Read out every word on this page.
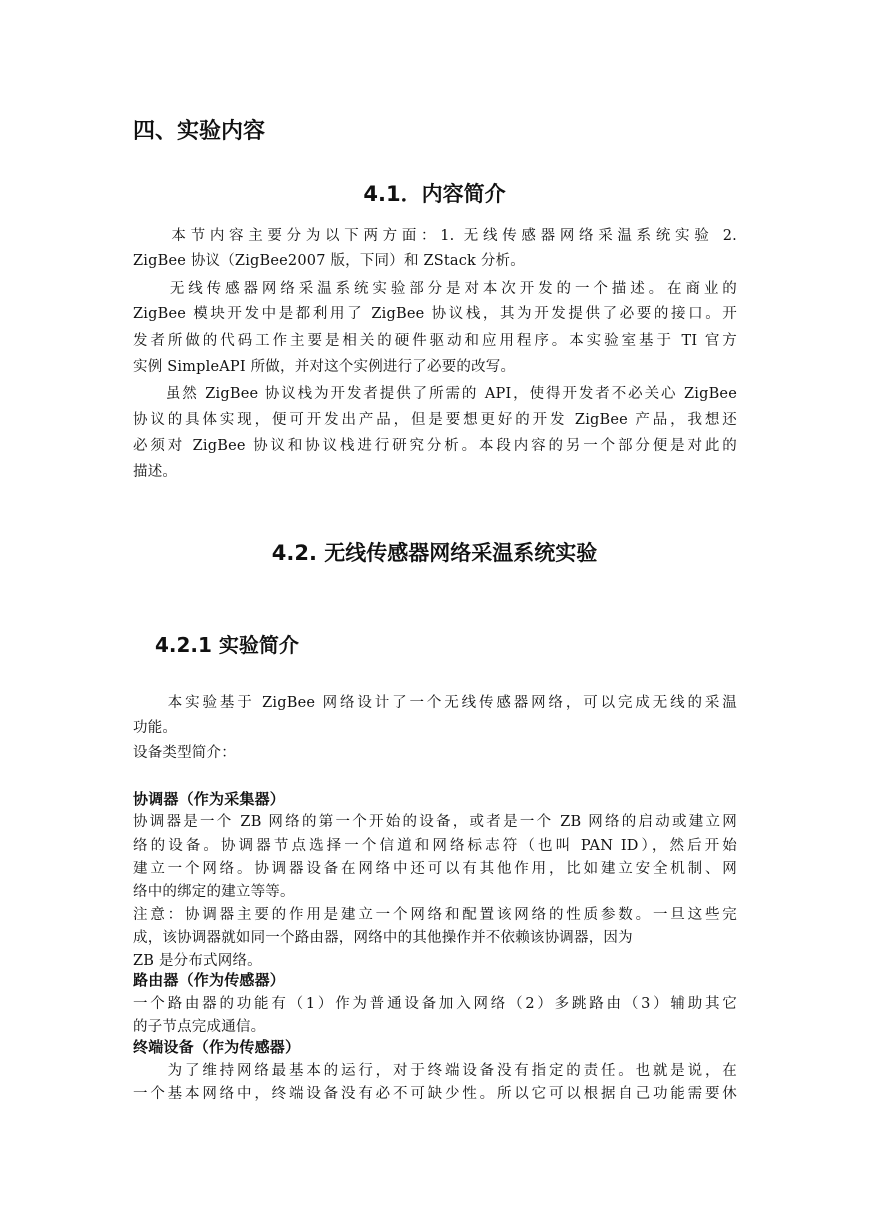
四、实验内容
4.1．内容简介
　　本节内容主要分为以下两方面：1. 无线传感器网络采温系统实验 2.
ZigBee 协议（ZigBee2007 版，下同）和 ZStack 分析。
　　无线传感器网络采温系统实验部分是对本次开发的一个描述。在商业的
ZigBee 模块开发中是都利用了 ZigBee 协议栈，其为开发提供了必要的接口。开
发者所做的代码工作主要是相关的硬件驱动和应用程序。本实验室基于 TI 官方
实例 SimpleAPI 所做，并对这个实例进行了必要的改写。
　　虽然 ZigBee 协议栈为开发者提供了所需的 API，使得开发者不必关心 ZigBee
协议的具体实现，便可开发出产品，但是要想更好的开发 ZigBee 产品，我想还
必须对 ZigBee 协议和协议栈进行研究分析。本段内容的另一个部分便是对此的
描述。
4.2. 无线传感器网络采温系统实验
4.2.1 实验简介
　　本实验基于 ZigBee 网络设计了一个无线传感器网络，可以完成无线的采温
功能。
设备类型简介：
协调器（作为采集器）
协调器是一个 ZB 网络的第一个开始的设备，或者是一个 ZB 网络的启动或建立网
络的设备。协调器节点选择一个信道和网络标志符（也叫 PAN ID），然后开始
建立一个网络。协调器设备在网络中还可以有其他作用，比如建立安全机制、网
络中的绑定的建立等等。
注意：协调器主要的作用是建立一个网络和配置该网络的性质参数。一旦这些完
成，该协调器就如同一个路由器，网络中的其他操作并不依赖该协调器，因为
ZB 是分布式网络。
路由器（作为传感器）
一个路由器的功能有（1）作为普通设备加入网络（2）多跳路由（3）辅助其它
的子节点完成通信。
终端设备（作为传感器）
　　为了维持网络最基本的运行，对于终端设备没有指定的责任。也就是说，在
一个基本网络中，终端设备没有必不可缺少性。所以它可以根据自己功能需要休
